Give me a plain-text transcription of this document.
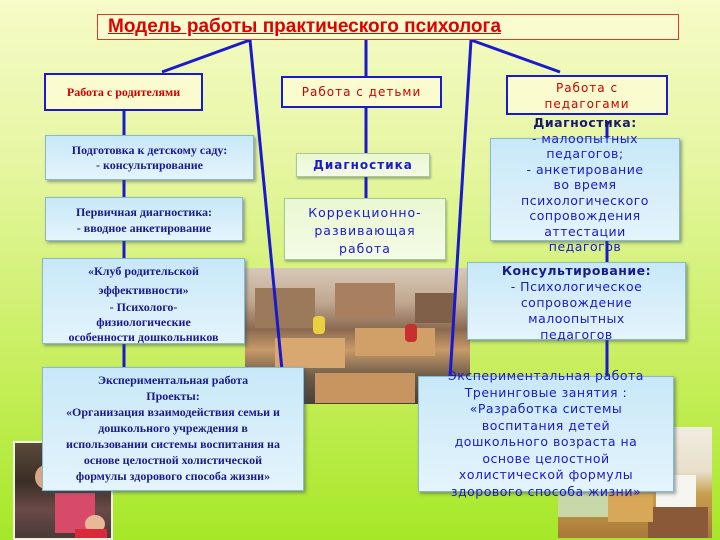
Модель работы практического психолога
Работа с родителями	Работа с детьми	Работа с
педагогами
Подготовка к детскому саду:
- консультирование
Первичная диагностика:
- вводное анкетирование
«Клуб родительской
эффективности»
- Психолого-
физиологические
особенности дошкольников
Экспериментальная работа
Проекты:
«Организация взаимодействия семьи и
дошкольного учреждения в
использовании системы воспитания на
основе целостной холистической
формулы здорового способа жизни»
Диагностика
Коррекционно-
развивающая
работа
Диагностика:
- малоопытных
педагогов;
- анкетирование
во время
психологического
сопровождения
аттестации
педагогов
Консультирование:
- Психологическое
сопровождение
малоопытных
педагогов
Экспериментальная работа
Тренинговые занятия :
«Разработка системы
воспитания детей
дошкольного возраста на
основе целостной
холистической формулы
здорового способа жизни»
